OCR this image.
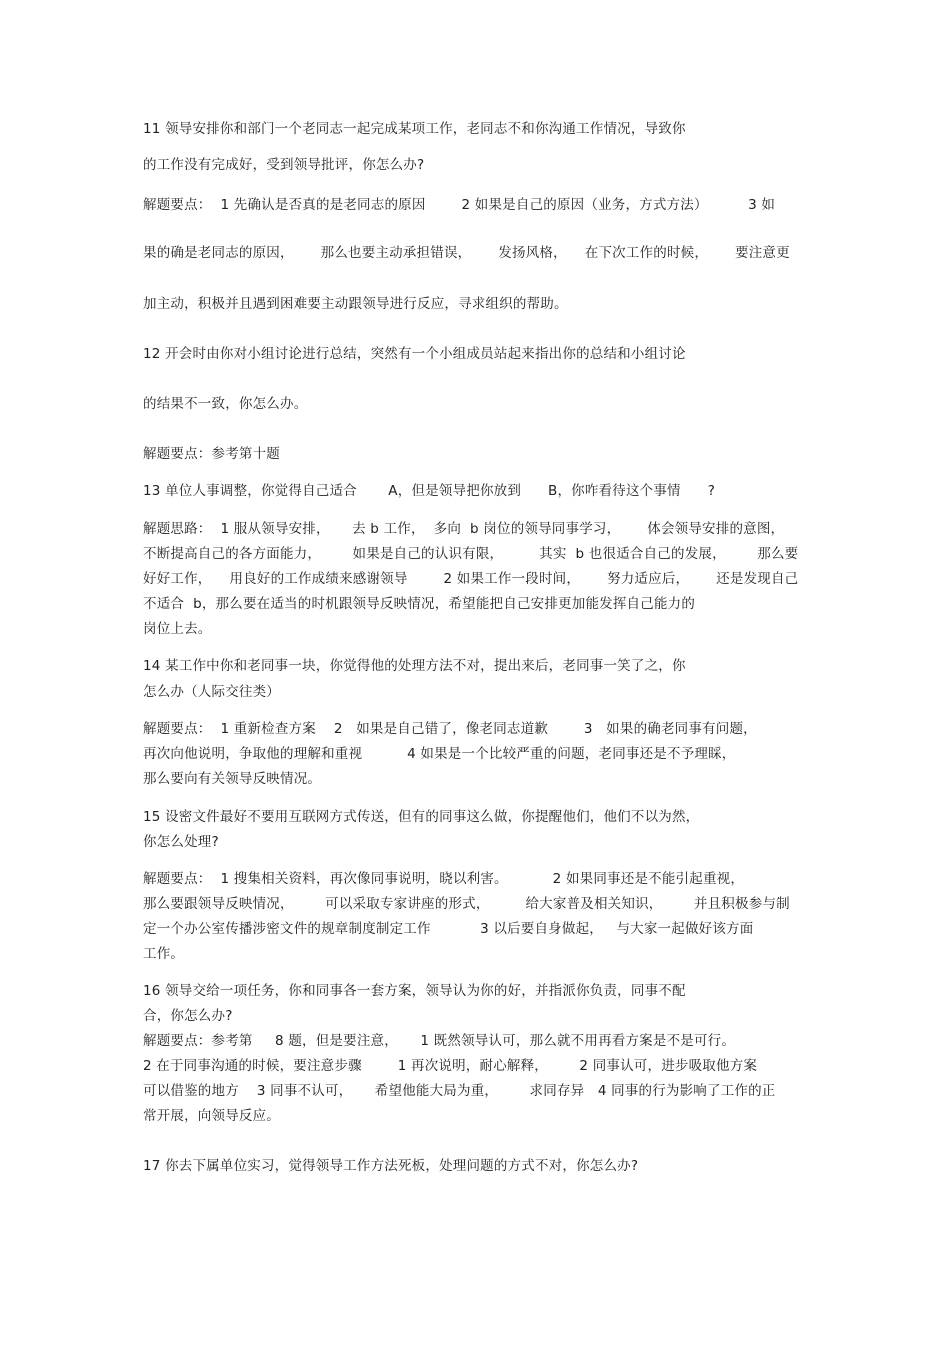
11 领导安排你和部门一个老同志一起完成某项工作，老同志不和你沟通工作情况，导致你
的工作没有完成好，受到领导批评，你怎么办?
解题要点：  1 先确认是否真的是老同志的原因        2 如果是自己的原因（业务，方式方法）         3 如
果的确是老同志的原因，      那么也要主动承担错误，      发扬风格，    在下次工作的时候，      要注意更
加主动，积极并且遇到困难要主动跟领导进行反应，寻求组织的帮助。
12 开会时由你对小组讨论进行总结，突然有一个小组成员站起来指出你的总结和小组讨论
的结果不一致，你怎么办。
解题要点：参考第十题
13 单位人事调整，你觉得自己适合       A，但是领导把你放到      B，你咋看待这个事情      ?
解题思路：  1 服从领导安排，     去 b 工作，  多向  b 岗位的领导同事学习，      体会领导安排的意图，
不断提高自己的各方面能力，       如果是自己的认识有限，        其实  b 也很适合自己的发展，       那么要
好好工作，    用良好的工作成绩来感谢领导        2 如果工作一段时间，      努力适应后，      还是发现自己
不适合  b，那么要在适当的时机跟领导反映情况，希望能把自己安排更加能发挥自己能力的
岗位上去。
14 某工作中你和老同事一块，你觉得他的处理方法不对，提出来后，老同事一笑了之，你
怎么办（人际交往类）
解题要点：  1 重新检查方案    2   如果是自己错了，像老同志道歉        3   如果的确老同事有问题，
再次向他说明，争取他的理解和重视          4 如果是一个比较严重的问题，老同事还是不予理睬，
那么要向有关领导反映情况。
15 设密文件最好不要用互联网方式传送，但有的同事这么做，你提醒他们，他们不以为然，
你怎么处理?
解题要点：  1 搜集相关资料，再次像同事说明，晓以利害。          2 如果同事还是不能引起重视，
那么要跟领导反映情况，       可以采取专家讲座的形式，        给大家普及相关知识，       并且积极参与制
定一个办公室传播涉密文件的规章制度制定工作           3 以后要自身做起，   与大家一起做好该方面
工作。
16 领导交给一项任务，你和同事各一套方案，领导认为你的好，并指派你负责，同事不配
合，你怎么办?
解题要点：参考第     8 题，但是要注意，     1 既然领导认可，那么就不用再看方案是不是可行。
2 在于同事沟通的时候，要注意步骤        1 再次说明，耐心解释，       2 同事认可，进步吸取他方案
可以借鉴的地方    3 同事不认可，     希望他能大局为重，       求同存异   4 同事的行为影响了工作的正
常开展，向领导反应。
17 你去下属单位实习，觉得领导工作方法死板，处理问题的方式不对，你怎么办?
